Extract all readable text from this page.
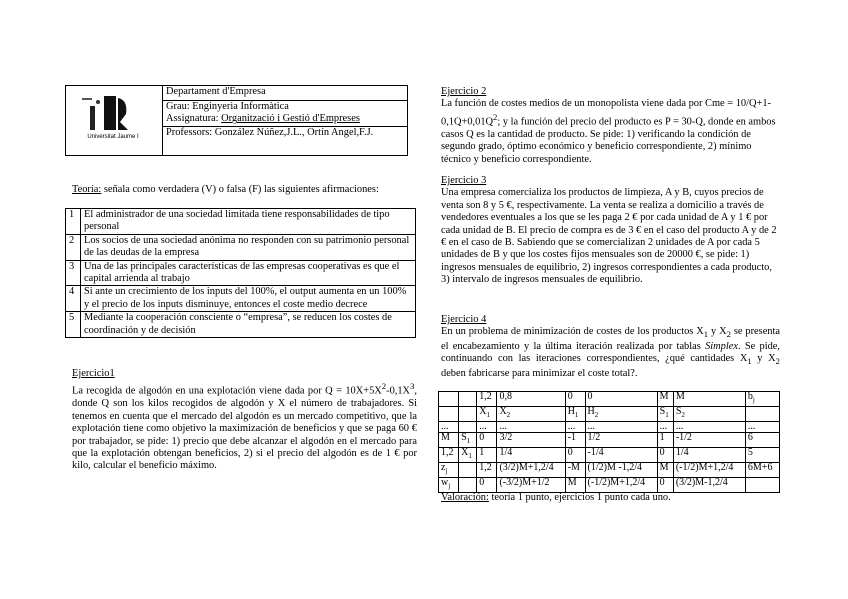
Universitat Jaume I
	Departament d'Empresa
Grau: Enginyeria Informàtica
Assignatura: Organització i Gestió d'Empreses
Professors: González Núñez,J.L., Ortín Angel,F.J.
Teoría: señala como verdadera (V) o falsa (F) las siguientes afirmaciones:
1	El administrador de una sociedad limitada tiene responsabilidades de tipo personal
2	Los socios de una sociedad anónima no responden con su patrimonio personal de las deudas de la empresa
3	Una de las principales características de las empresas cooperativas es que el capital arrienda al trabajo
4	Si ante un crecimiento de los inputs del 100%, el output aumenta en un 100% y el precio de los inputs disminuye, entonces el coste medio decrece
5	Mediante la cooperación consciente o “empresa”, se reducen los costes de coordinación y de decisión

Ejercicio1

La recogida de algodón en una explotación viene dada por $Q = 10X+5X^2-0,1X^3$, donde Q son los kilos recogidos de algodón y X el número de trabajadores. Si tenemos en cuenta que el mercado del algodón es un mercado competitivo, que la explotación tiene como objetivo la maximización de beneficios y que se paga 60 € por trabajador, se pide: 1) precio que debe alcanzar el algodón en el mercado para que la explotación obtengan beneficios, 2) si el precio del algodón es de 1 € por kilo, calcular el beneficio máximo.

Ejercicio 2

La función de costes medios de un monopolista viene dada por Cme = $10/Q+1-0,1Q+0,01Q^2$; y la función del precio del producto es P = 30-Q, donde en ambos casos Q es la cantidad de producto. Se pide: 1) verificando la condición de segundo grado, óptimo económico y beneficio correspondiente, 2) mínimo técnico y beneficio correspondiente.

Ejercicio 3

Una empresa comercializa los productos de limpieza, A y B, cuyos precios de venta son 8 y 5 €, respectivamente. La venta se realiza a domicilio a través de vendedores eventuales a los que se les paga 2 € por cada unidad de A y 1 € por cada unidad de B. El precio de compra es de 3 € en el caso del producto A y de 2 € en el caso de B. Sabiendo que se comercializan 2 unidades de A por cada 5 unidades de B y que los costes fijos mensuales son de 20000 €, se pide: 1) ingresos mensuales de equilibrio, 2) ingresos correspondientes a cada producto, 3) intervalo de ingresos mensuales de equilibrio.

Ejercicio 4

En un problema de minimización de costes de los productos $X_1$ y $X_2$ se presenta el encabezamiento y la última iteración realizada por tablas Simplex. Se pide, continuando con las iteraciones correspondientes, ¿qué cantidades $X_1$ y $X_2$ deben fabricarse para minimizar el coste total?.

		1,2	0,8	0	0	M	M	$b_j$
		$X_1$	$X_2$	$H_1$	$H_2$	$S_1$	$S_2$	
...		...	...	...	...	...	...	...
M	$S_1$	0	3/2	-1	1/2	1	-1/2	6
1,2	$X_1$	1	1/4	0	-1/4	0	1/4	5
$z_j$		1,2	(3/2)M+1,2/4	-M	(1/2)M -1,2/4	M	(-1/2)M+1,2/4	6M+6
$w_j$		0	(-3/2)M+1/2	M	(-1/2)M+1,2/4	0	(3/2)M-1,2/4	
Valoración: teoría 1 punto, ejercicios 1 punto cada uno.
